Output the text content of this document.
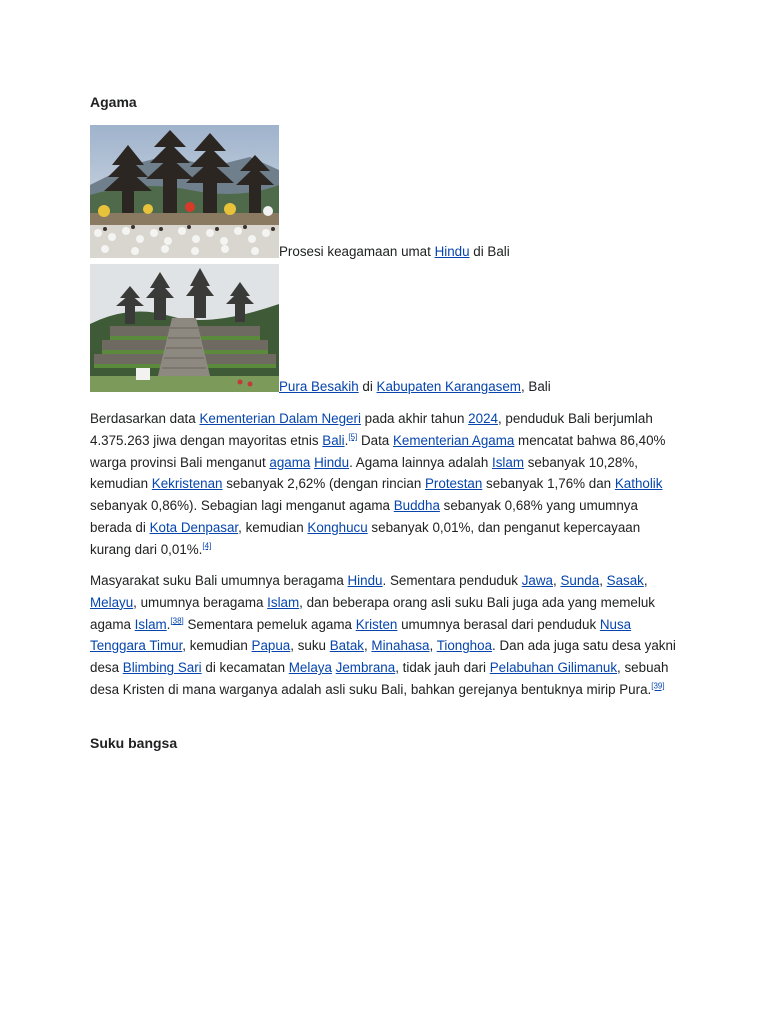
Agama
Prosesi keagamaan umat Hindu di Bali
Pura Besakih di Kabupaten Karangasem, Bali

Berdasarkan data Kementerian Dalam Negeri pada akhir tahun 2024, penduduk Bali berjumlah 4.375.263 jiwa dengan mayoritas etnis Bali.[5] Data Kementerian Agama mencatat bahwa 86,40% warga provinsi Bali menganut agama Hindu. Agama lainnya adalah Islam sebanyak 10,28%, kemudian Kekristenan sebanyak 2,62% (dengan rincian Protestan sebanyak 1,76% dan Katholik sebanyak 0,86%). Sebagian lagi menganut agama Buddha sebanyak 0,68% yang umumnya berada di Kota Denpasar, kemudian Konghucu sebanyak 0,01%, dan penganut kepercayaan kurang dari 0,01%.[4]

Masyarakat suku Bali umumnya beragama Hindu. Sementara penduduk Jawa, Sunda, Sasak, Melayu, umumnya beragama Islam, dan beberapa orang asli suku Bali juga ada yang memeluk agama Islam.[38] Sementara pemeluk agama Kristen umumnya berasal dari penduduk Nusa Tenggara Timur, kemudian Papua, suku Batak, Minahasa, Tionghoa. Dan ada juga satu desa yakni desa Blimbing Sari di kecamatan Melaya Jembrana, tidak jauh dari Pelabuhan Gilimanuk, sebuah desa Kristen di mana warganya adalah asli suku Bali, bahkan gerejanya bentuknya mirip Pura.[39]

Suku bangsa
